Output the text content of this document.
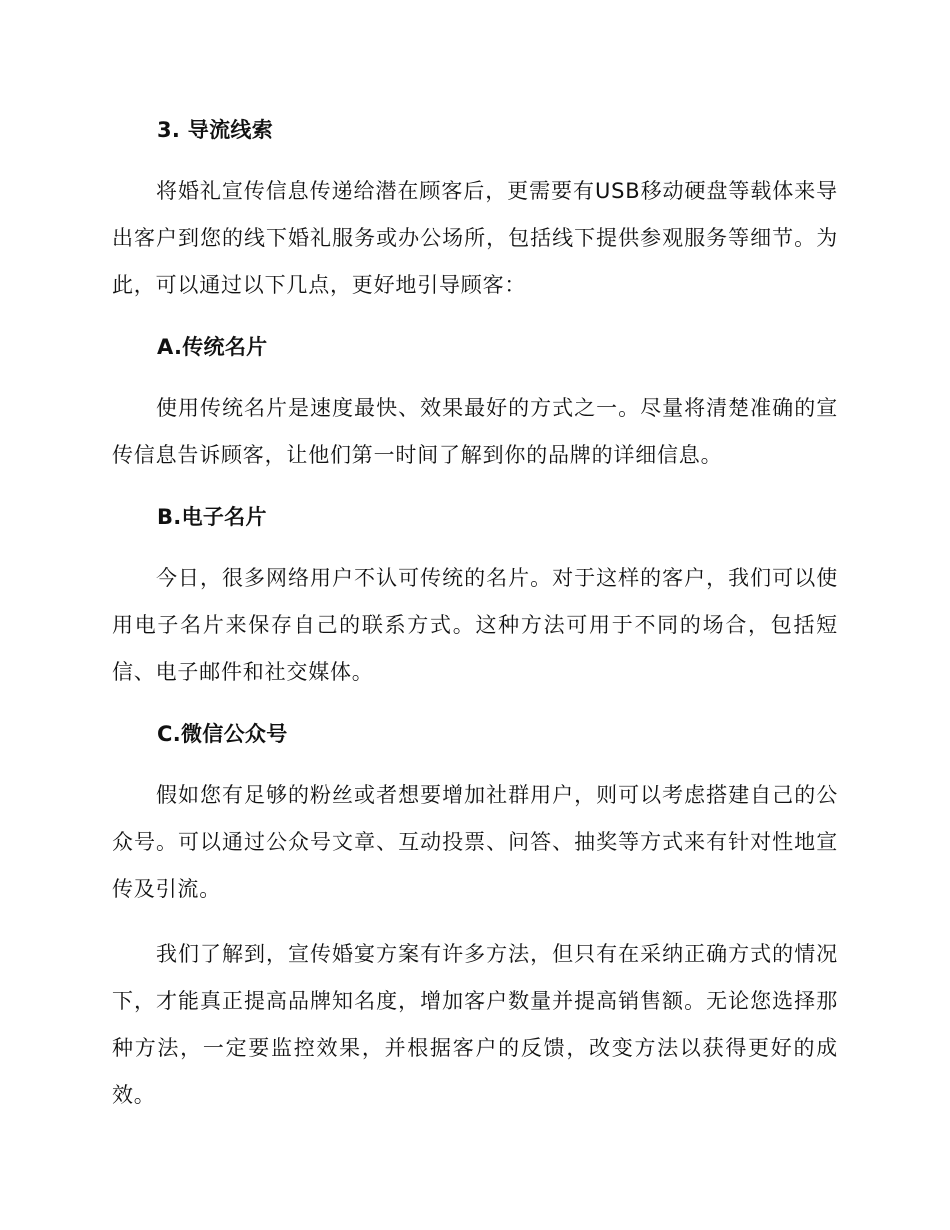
3. 导流线索

将婚礼宣传信息传递给潜在顾客后，更需要有USB移动硬盘等载体来导出客户到您的线下婚礼服务或办公场所，包括线下提供参观服务等细节。为此，可以通过以下几点，更好地引导顾客：

A.传统名片

使用传统名片是速度最快、效果最好的方式之一。尽量将清楚准确的宣传信息告诉顾客，让他们第一时间了解到你的品牌的详细信息。

B.电子名片

今日，很多网络用户不认可传统的名片。对于这样的客户，我们可以使用电子名片来保存自己的联系方式。这种方法可用于不同的场合，包括短信、电子邮件和社交媒体。

C.微信公众号

假如您有足够的粉丝或者想要增加社群用户，则可以考虑搭建自己的公众号。可以通过公众号文章、互动投票、问答、抽奖等方式来有针对性地宣传及引流。

我们了解到，宣传婚宴方案有许多方法，但只有在采纳正确方式的情况下，才能真正提高品牌知名度，增加客户数量并提高销售额。无论您选择那种方法，一定要监控效果，并根据客户的反馈，改变方法以获得更好的成效。
